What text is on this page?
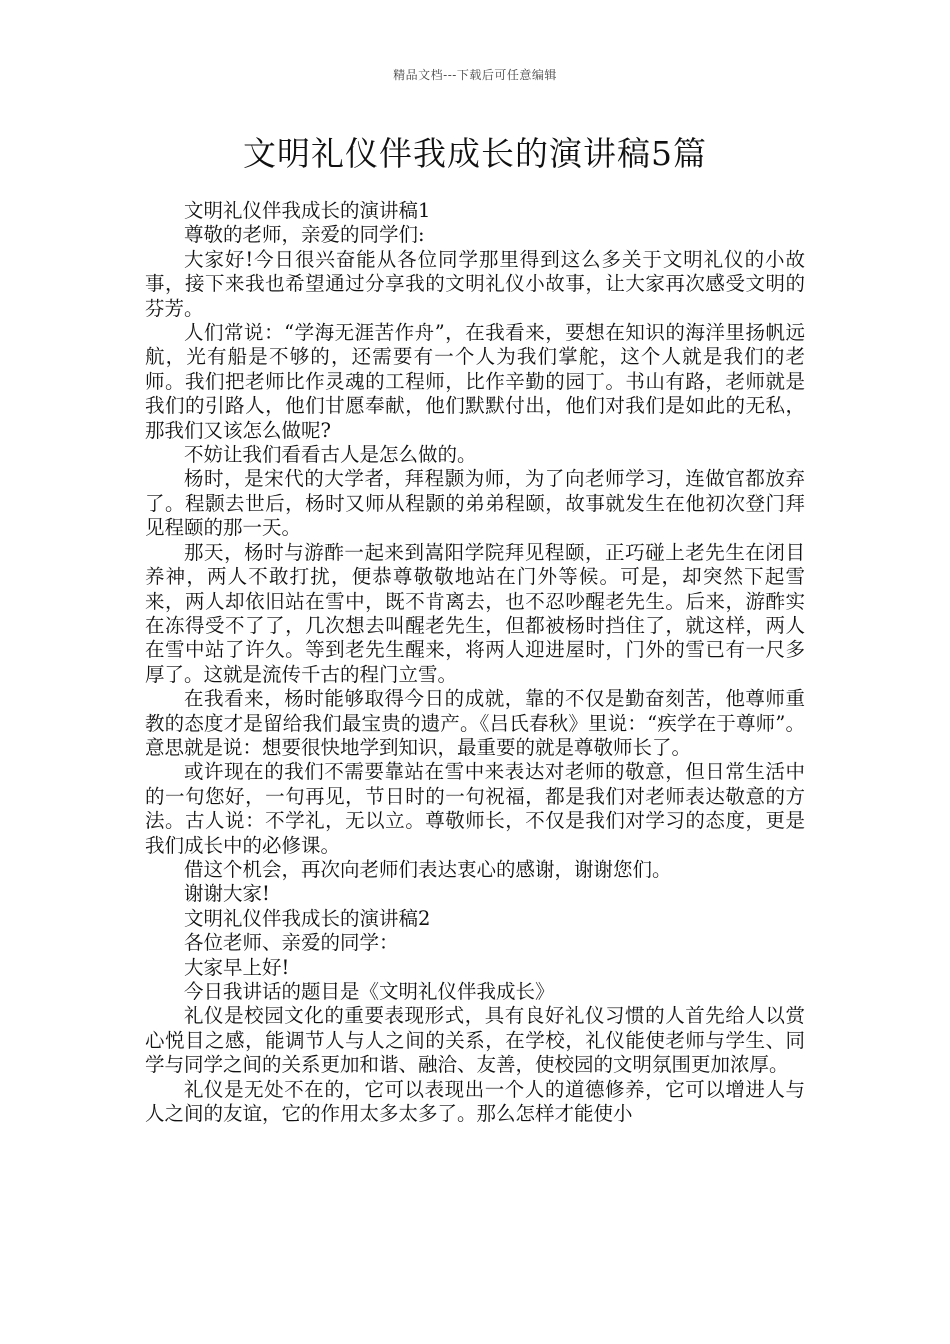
精品文档---下载后可任意编辑
文明礼仪伴我成长的演讲稿5篇

文明礼仪伴我成长的演讲稿1

尊敬的老师，亲爱的同学们:

大家好!今日很兴奋能从各位同学那里得到这么多关于文明礼仪的小故事，接下来我也希望通过分享我的文明礼仪小故事，让大家再次感受文明的芬芳。

人们常说：“学海无涯苦作舟”，在我看来，要想在知识的海洋里扬帆远航，光有船是不够的，还需要有一个人为我们掌舵，这个人就是我们的老师。我们把老师比作灵魂的工程师，比作辛勤的园丁。书山有路，老师就是我们的引路人，他们甘愿奉献，他们默默付出，他们对我们是如此的无私，那我们又该怎么做呢?

不妨让我们看看古人是怎么做的。

杨时，是宋代的大学者，拜程颢为师，为了向老师学习，连做官都放弃了。程颢去世后，杨时又师从程颢的弟弟程颐，故事就发生在他初次登门拜见程颐的那一天。

那天，杨时与游酢一起来到嵩阳学院拜见程颐，正巧碰上老先生在闭目养神，两人不敢打扰，便恭尊敬敬地站在门外等候。可是，却突然下起雪来，两人却依旧站在雪中，既不肯离去，也不忍吵醒老先生。后来，游酢实在冻得受不了了，几次想去叫醒老先生，但都被杨时挡住了，就这样，两人在雪中站了许久。等到老先生醒来，将两人迎进屋时，门外的雪已有一尺多厚了。这就是流传千古的程门立雪。

在我看来，杨时能够取得今日的成就，靠的不仅是勤奋刻苦，他尊师重教的态度才是留给我们最宝贵的遗产。《吕氏春秋》里说：“疾学在于尊师”。意思就是说：想要很快地学到知识，最重要的就是尊敬师长了。

或许现在的我们不需要靠站在雪中来表达对老师的敬意，但日常生活中的一句您好，一句再见，节日时的一句祝福，都是我们对老师表达敬意的方法。古人说：不学礼，无以立。尊敬师长，不仅是我们对学习的态度，更是我们成长中的必修课。

借这个机会，再次向老师们表达衷心的感谢，谢谢您们。

谢谢大家!

文明礼仪伴我成长的演讲稿2

各位老师、亲爱的同学：

大家早上好!

今日我讲话的题目是《文明礼仪伴我成长》

礼仪是校园文化的重要表现形式，具有良好礼仪习惯的人首先给人以赏心悦目之感，能调节人与人之间的关系，在学校，礼仪能使老师与学生、同学与同学之间的关系更加和谐、融洽、友善，使校园的文明氛围更加浓厚。

礼仪是无处不在的，它可以表现出一个人的道德修养，它可以增进人与人之间的友谊，它的作用太多太多了。那么怎样才能使小
